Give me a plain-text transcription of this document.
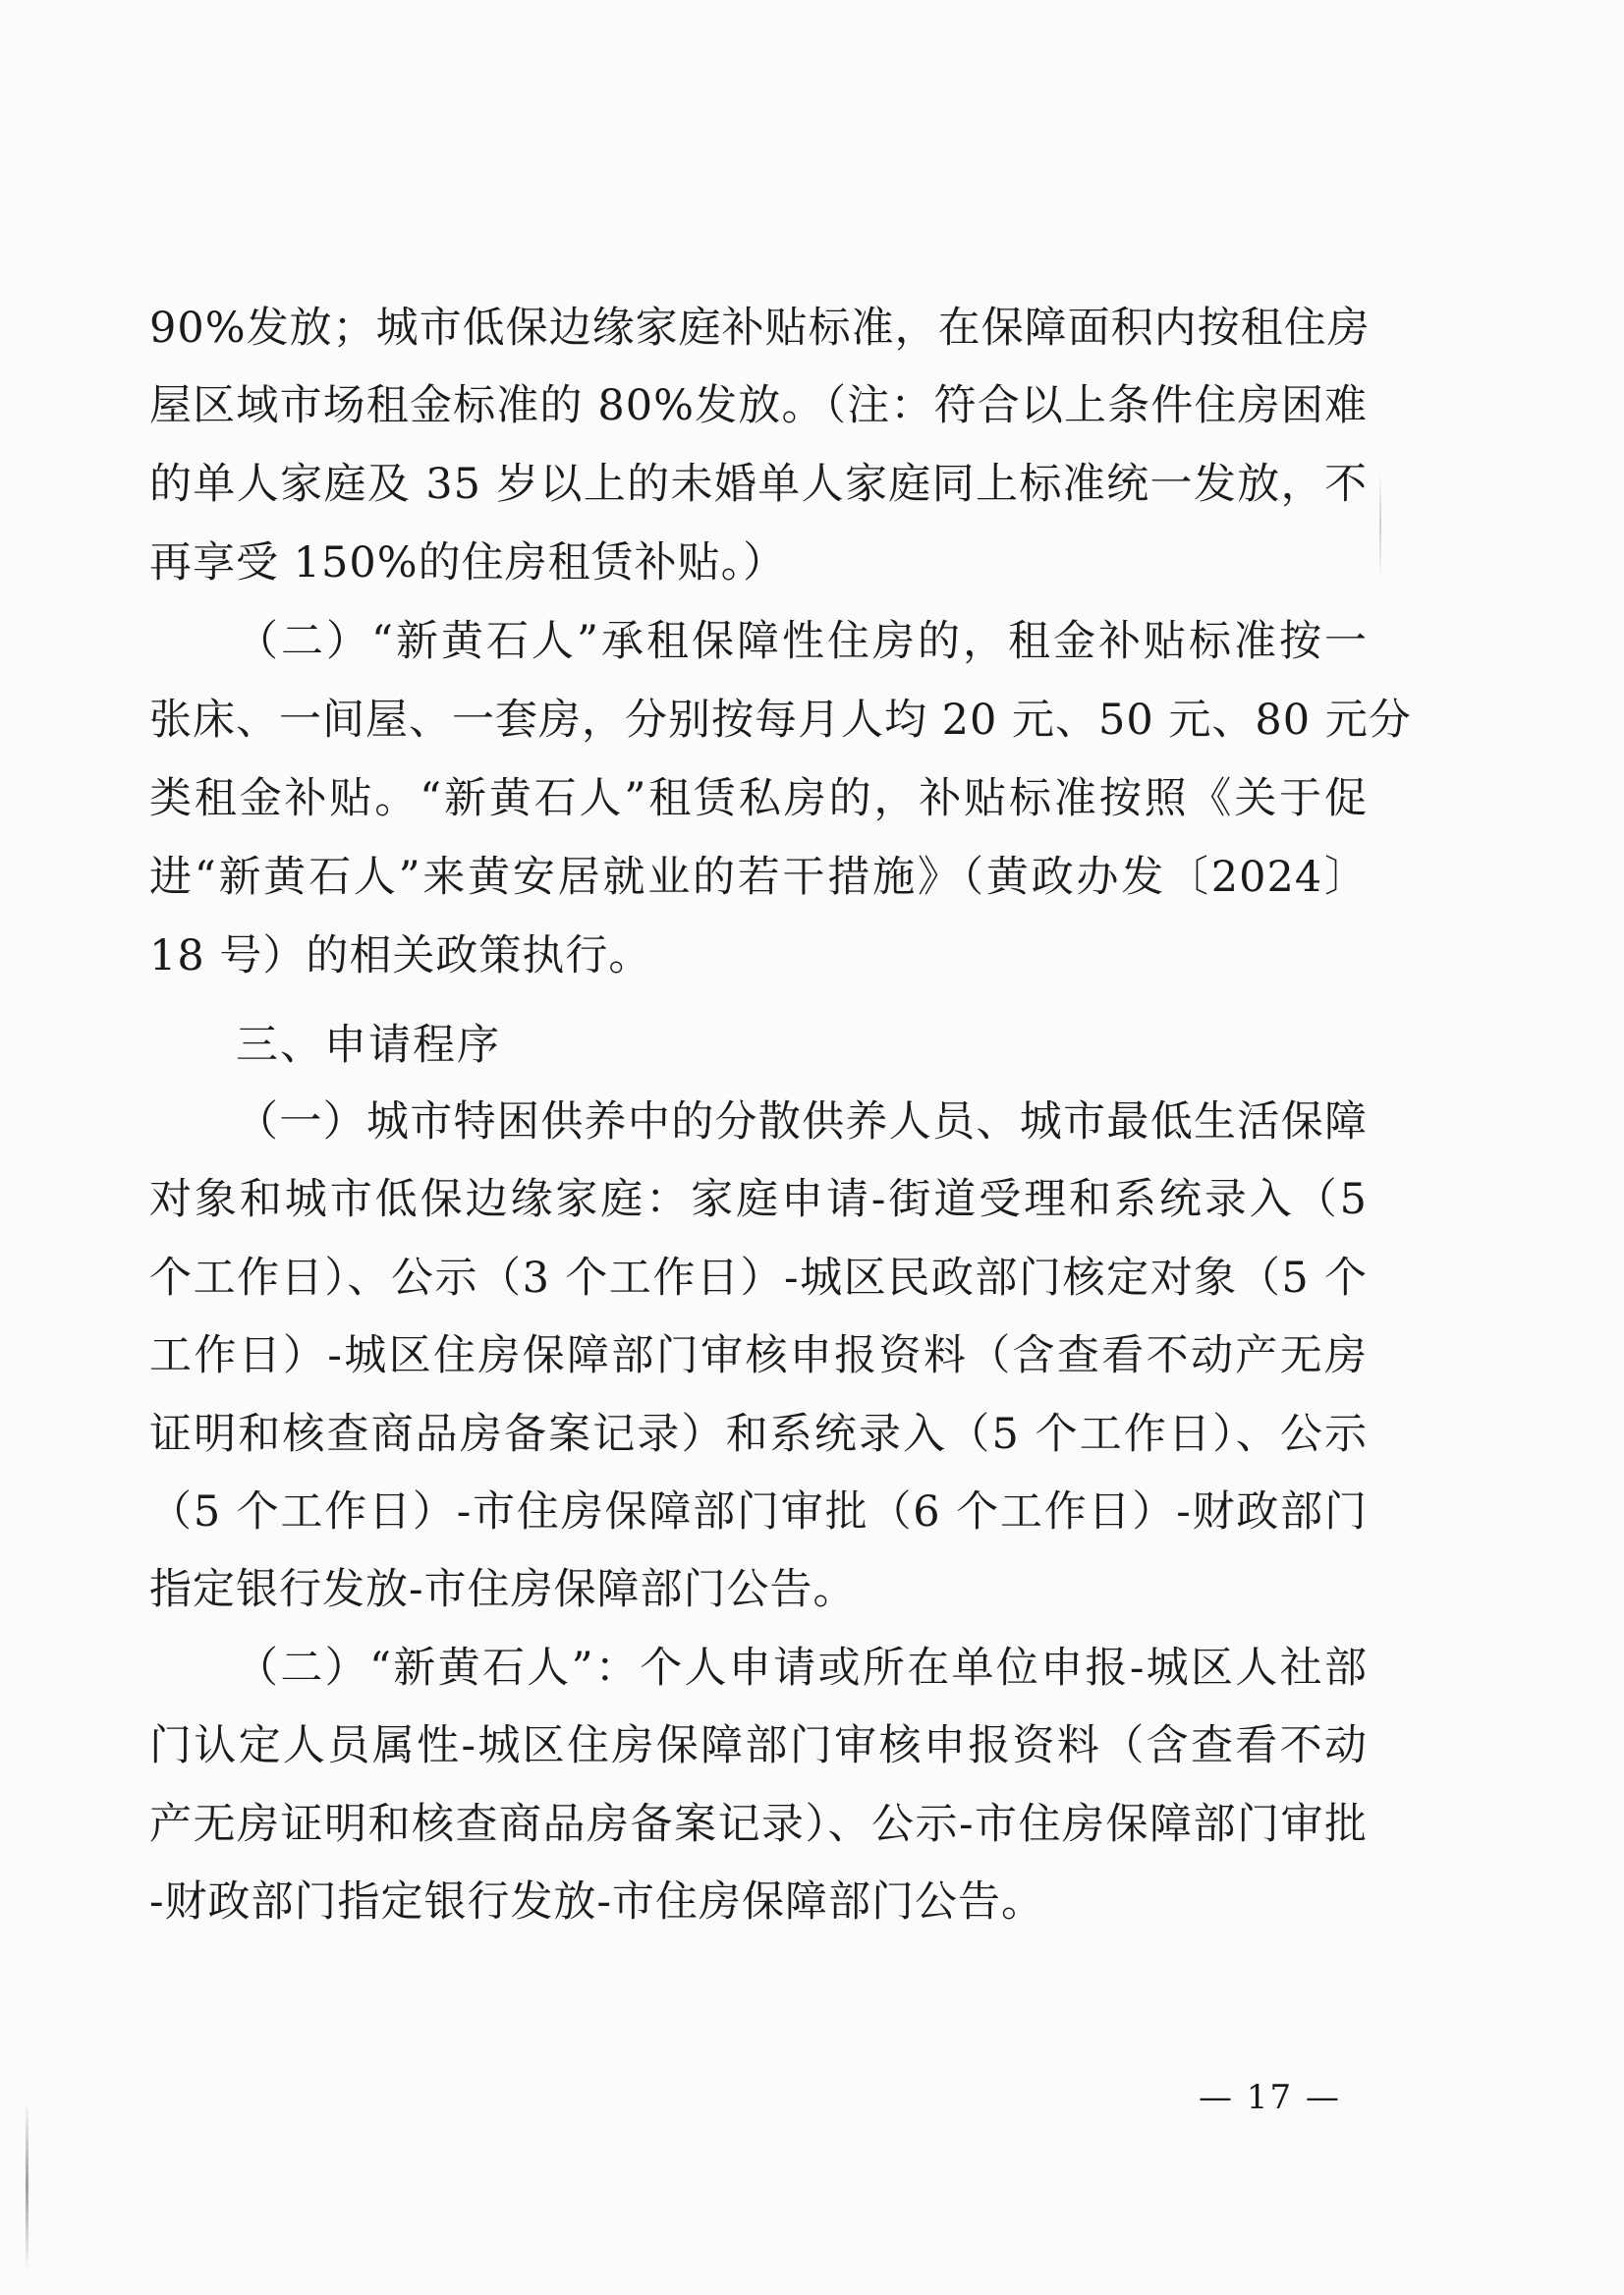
90%发放；城市低保边缘家庭补贴标准，在保障面积内按租住房
屋区域市场租金标准的 80%发放。（注：符合以上条件住房困难
的单人家庭及 35 岁以上的未婚单人家庭同上标准统一发放，不
再享受 150%的住房租赁补贴。）
（二）“新黄石人”承租保障性住房的，租金补贴标准按一
张床、一间屋、一套房，分别按每月人均 20 元、50 元、80 元分
类租金补贴。“新黄石人”租赁私房的，补贴标准按照《关于促
进“新黄石人”来黄安居就业的若干措施》（黄政办发〔2024〕
18 号）的相关政策执行。
三、申请程序
（一）城市特困供养中的分散供养人员、城市最低生活保障
对象和城市低保边缘家庭：家庭申请-街道受理和系统录入（5
个工作日）、公示（3 个工作日）-城区民政部门核定对象（5 个
工作日）-城区住房保障部门审核申报资料（含查看不动产无房
证明和核查商品房备案记录）和系统录入（5 个工作日）、公示
（5 个工作日）-市住房保障部门审批（6 个工作日）-财政部门
指定银行发放-市住房保障部门公告。
（二）“新黄石人”：个人申请或所在单位申报-城区人社部
门认定人员属性-城区住房保障部门审核申报资料（含查看不动
产无房证明和核查商品房备案记录）、公示-市住房保障部门审批
-财政部门指定银行发放-市住房保障部门公告。
— 17 —
